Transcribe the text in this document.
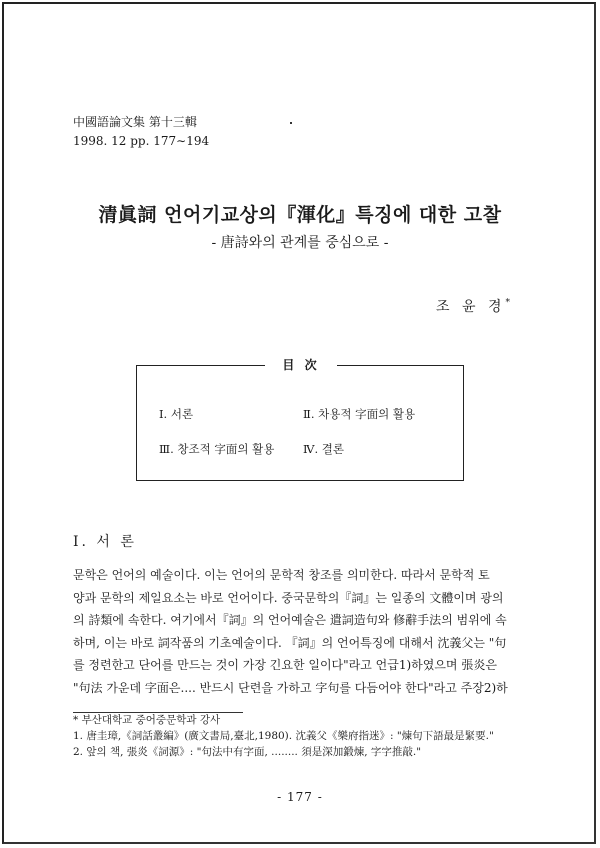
中國語論文集 第十三輯
1998. 12 pp. 177∼194
清眞詞 언어기교상의『渾化』특징에 대한 고찰
- 唐詩와의 관계를 중심으로 -
조 윤 경*
目 次
Ⅰ. 서론	Ⅱ. 차용적 字面의 활용
Ⅲ. 창조적 字面의 활용 Ⅳ. 결론
Ⅰ. 서 론
문학은 언어의 예술이다. 이는 언어의 문학적 창조를 의미한다. 따라서 문학적 토
양과 문학의 제일요소는 바로 언어이다. 중국문학의『詞』는 일종의 文體이며 광의
의 詩類에 속한다. 여기에서『詞』의 언어예술은 遣詞造句와 修辭手法의 범위에 속
하며, 이는 바로 詞작품의 기초예술이다. 『詞』의 언어특징에 대해서 沈義父는 "句
를 정련한고 단어를 만드는 것이 가장 긴요한 일이다"라고 언급1)하였으며 張炎은
"句法 가운데 字面은.... 반드시 단련을 가하고 字句를 다듬어야 한다"라고 주장2)하
* 부산대학교 중어중문학과 강사
1. 唐圭璋,《詞話叢編》(廣文書局,臺北,1980). 沈義父《樂府指迷》: "煉句下語最是緊要."
2. 앞의 책, 張炎《詞源》: "句法中有字面, ........ 須是深加鍛煉, 字字推敲."
- 177 -
